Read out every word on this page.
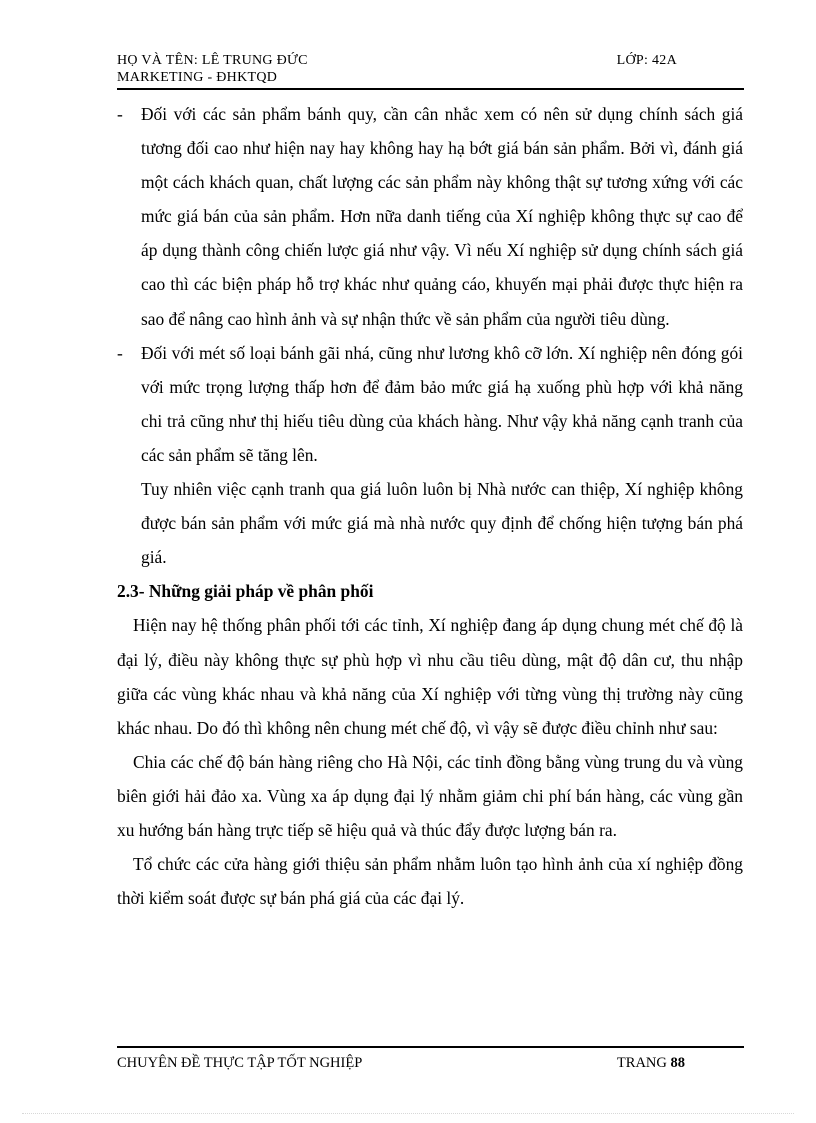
HỌ VÀ TÊN: LÊ TRUNG ĐỨC	LỚP: 42A
MARKETING - ĐHKTQD
- Đối với các sản phẩm bánh quy, cần cân nhắc xem có nên sử dụng chính sách giá tương đối cao như hiện nay hay không hay hạ bớt giá bán sản phẩm. Bởi vì, đánh giá một cách khách quan, chất lượng các sản phẩm này không thật sự tương xứng với các mức giá bán của sản phẩm. Hơn nữa danh tiếng của Xí nghiệp không thực sự cao để áp dụng thành công chiến lược giá như vậy. Vì nếu Xí nghiệp sử dụng chính sách giá cao thì các biện pháp hỗ trợ khác như quảng cáo, khuyến mại phải được thực hiện ra sao để nâng cao hình ảnh và sự nhận thức về sản phẩm của người tiêu dùng.
- Đối với mét số loại bánh gãi nhá, cũng như lương khô cỡ lớn. Xí nghiệp nên đóng gói với mức trọng lượng thấp hơn để đảm bảo mức giá hạ xuống phù hợp với khả năng chi trả cũng như thị hiếu tiêu dùng của khách hàng. Như vậy khả năng cạnh tranh của các sản phẩm sẽ tăng lên.
Tuy nhiên việc cạnh tranh qua giá luôn luôn bị Nhà nước can thiệp, Xí nghiệp không được bán sản phẩm với mức giá mà nhà nước quy định để chống hiện tượng bán phá giá.
2.3- Những giải pháp về phân phối
Hiện nay hệ thống phân phối tới các tỉnh, Xí nghiệp đang áp dụng chung mét chế độ là đại lý, điều này không thực sự phù hợp vì nhu cầu tiêu dùng, mật độ dân cư, thu nhập giữa các vùng khác nhau và khả năng của Xí nghiệp với từng vùng thị trường này cũng khác nhau. Do đó thì không nên chung mét chế độ, vì vậy sẽ được điều chỉnh như sau:
Chia các chế độ bán hàng riêng cho Hà Nội, các tỉnh đồng bằng vùng trung du và vùng biên giới hải đảo xa. Vùng xa áp dụng đại lý nhằm giảm chi phí bán hàng, các vùng gần xu hướng bán hàng trực tiếp sẽ hiệu quả và thúc đẩy được lượng bán ra.
Tổ chức các cửa hàng giới thiệu sản phẩm nhằm luôn tạo hình ảnh của xí nghiệp đồng thời kiểm soát được sự bán phá giá của các đại lý.
CHUYÊN ĐỀ THỰC TẬP TỐT NGHIỆP	TRANG 88
